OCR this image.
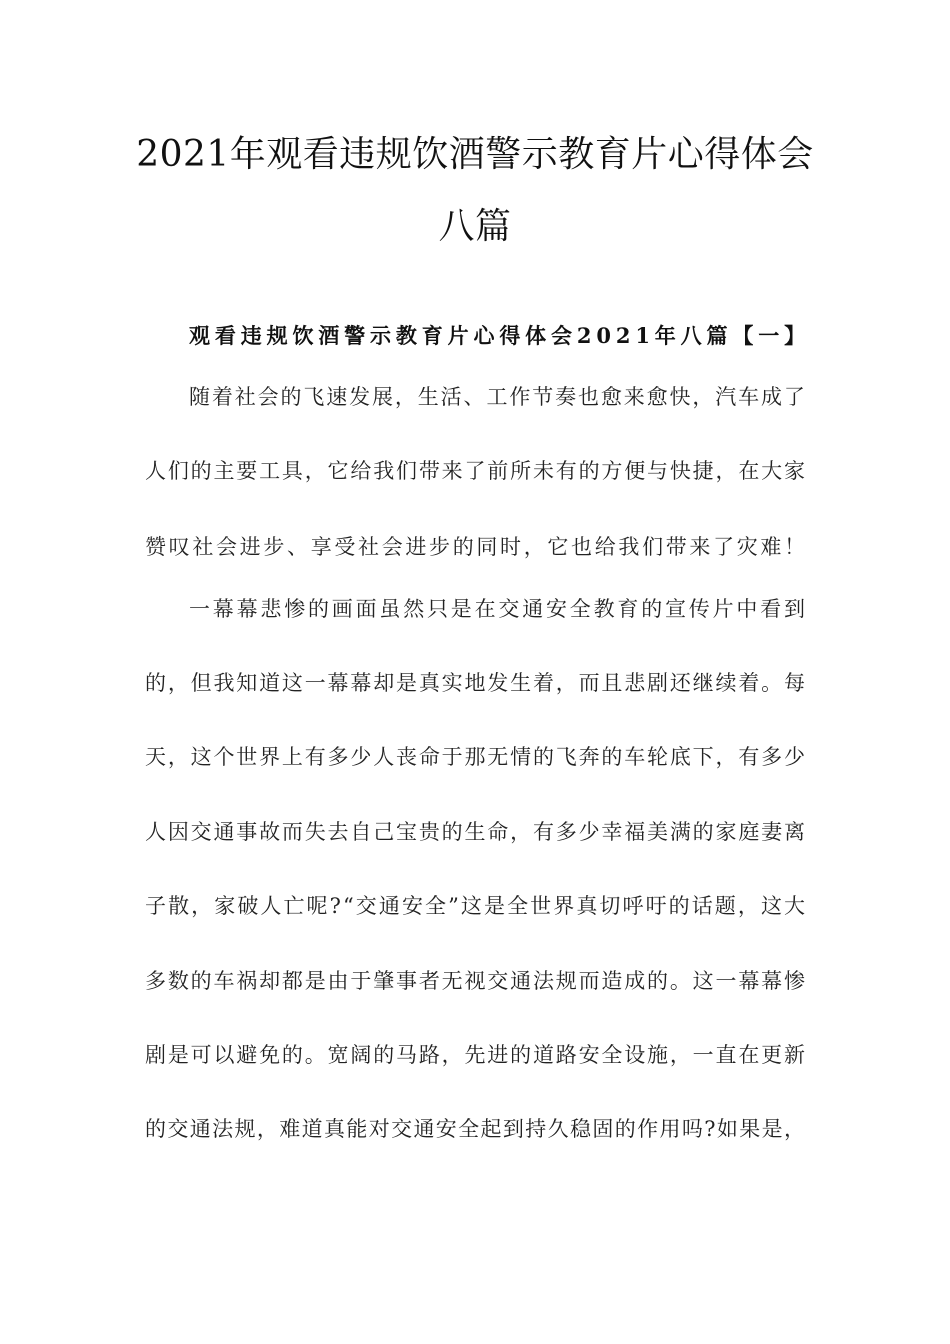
2021年观看违规饮酒警示教育片心得体会
八篇
观看违规饮酒警示教育片心得体会2021年八篇【一】
随着社会的飞速发展，生活、工作节奏也愈来愈快，汽车成了
人们的主要工具，它给我们带来了前所未有的方便与快捷，在大家
赞叹社会进步、享受社会进步的同时，它也给我们带来了灾难！
一幕幕悲惨的画面虽然只是在交通安全教育的宣传片中看到
的，但我知道这一幕幕却是真实地发生着，而且悲剧还继续着。每
天，这个世界上有多少人丧命于那无情的飞奔的车轮底下，有多少
人因交通事故而失去自己宝贵的生命，有多少幸福美满的家庭妻离
子散，家破人亡呢?“交通安全”这是全世界真切呼吁的话题，这大
多数的车祸却都是由于肇事者无视交通法规而造成的。这一幕幕惨
剧是可以避免的。宽阔的马路，先进的道路安全设施，一直在更新
的交通法规，难道真能对交通安全起到持久稳固的作用吗?如果是，
